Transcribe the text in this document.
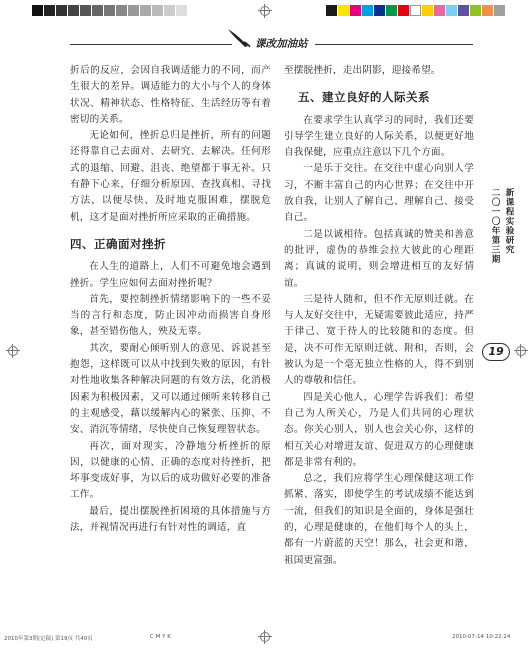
课改加油站

折后的反应，会因自我调适能力的不同，而产生很大的差异。调适能力的大小与个人的身体状况、精神状态、性格特征、生活经历等有着密切的关系。

无论如何，挫折总归是挫折，所有的问题还得靠自己去面对、去研究、去解决。任何形式的退缩、回避、沮丧、绝望都于事无补。只有静下心来，仔细分析原因、查找真相、寻找方法，以便尽快、及时地克服困难，摆脱危机，这才是面对挫折所应采取的正确措施。

四、正确面对挫折

在人生的道路上，人们不可避免地会遇到挫折。学生应如何去面对挫折呢？

首先，要控制挫折情绪影响下的一些不妥当的言行和态度，防止因冲动而损害自身形象，甚至错伤他人，殃及无辜。

其次，要耐心倾听别人的意见、诉说甚至抱怨，这样既可以从中找到失败的原因，有针对性地收集各种解决问题的有效方法，化消极因素为积极因素，又可以通过倾听来转移自己的主观感受，藉以缓解内心的紧张、压抑、不安、消沉等情绪，尽快使自己恢复理智状态。

再次，面对现实，冷静地分析挫折的原因，以健康的心情、正确的态度对待挫折，把坏事变成好事，为以后的成功做好必要的准备工作。

最后，提出摆脱挫折困境的具体措施与方法，并视情况再进行有针对性的调适，直

至摆脱挫折，走出阴影，迎接希望。

五、建立良好的人际关系

在要求学生认真学习的同时，我们还要引导学生建立良好的人际关系，以便更好地自我保健，应重点注意以下几个方面。

一是乐于交往。在交往中虚心向别人学习，不断丰富自己的内心世界；在交往中开放自我，让别人了解自己、理解自己、接受自己。

二是以诚相待。包括真诚的赞美和善意的批评，虚伪的恭维会拉大彼此的心理距离；真诚的说明，则会增进相互的友好情谊。

三是待人随和，但不作无原则迁就。在与人友好交往中，无疑需要彼此适应，持严于律己、宽于待人的比较随和的态度。但是，决不可作无原则迁就、附和，否则，会被认为是一个毫无独立性格的人，得不到别人的尊敬和信任。

四是关心他人，心理学告诉我们：希望自己为人所关心，乃是人们共同的心理状态。你关心别人，别人也会关心你，这样的相互关心对增进友谊、促进双方的心理健康都是非常有利的。

总之，我们应将学生心理保健这项工作抓紧、落实，即使学生的考试成绩不能达到一流，但我们的知识是全面的，身体是强壮的，心理是健康的，在他们每个人的头上，都有一片蔚蓝的天空！那么，社会更和谐，祖国更富强。

新课程实验研究
二〇一〇年第三期
19
2010年第3期(定稿) 第19页 共40页	C M Y K	2010-07-14 10:22:24
